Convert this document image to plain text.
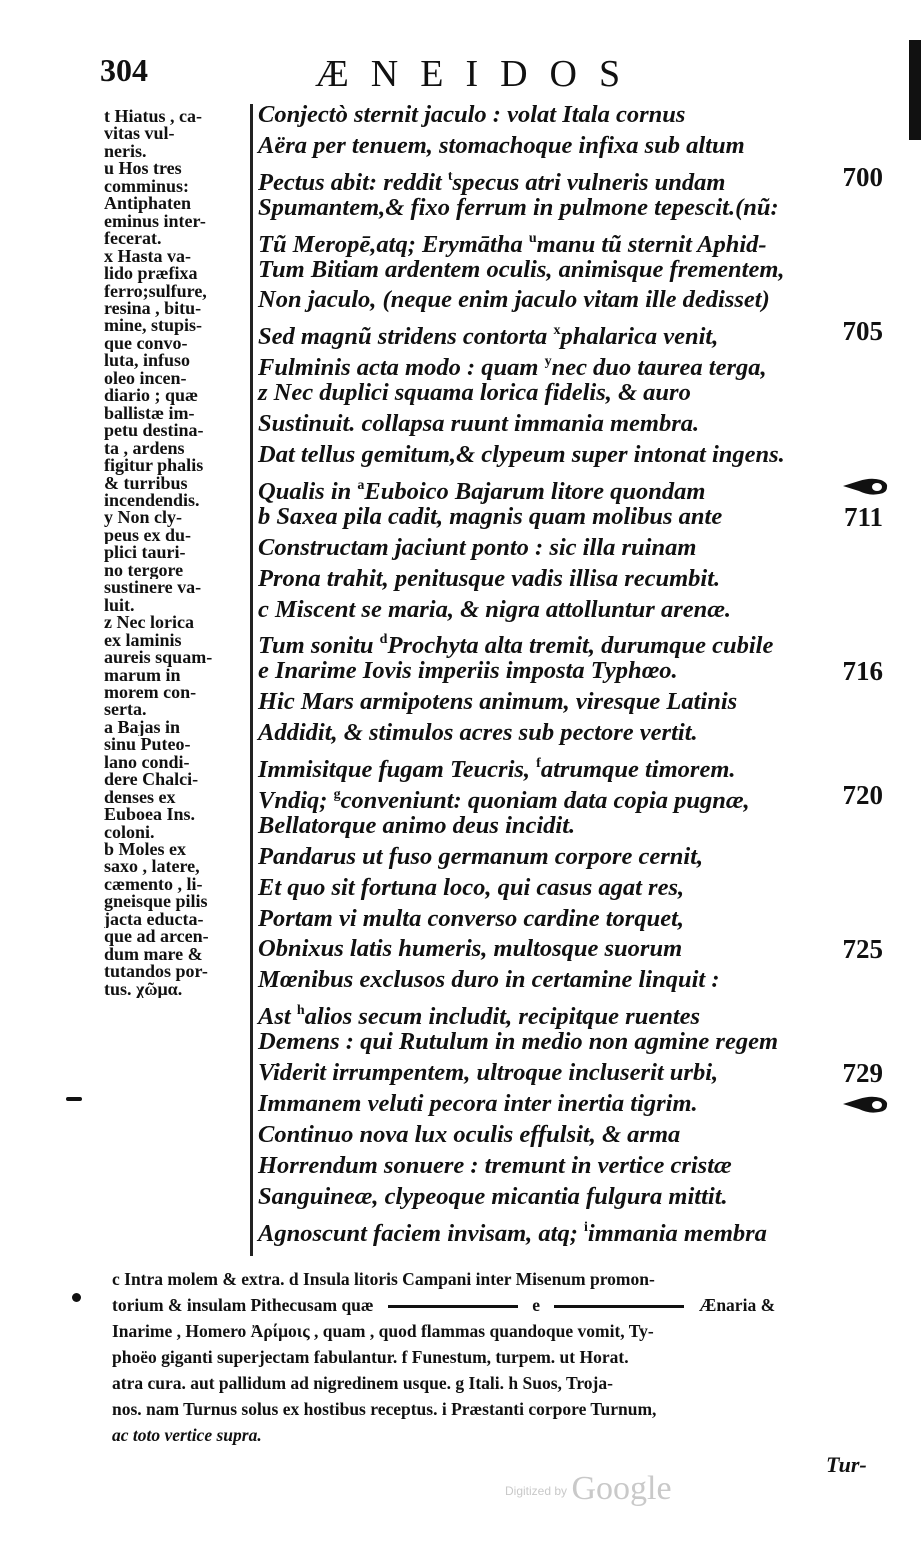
304	ÆNEIDOS
t Hiatus , ca-
vitas vul-
neris.
u Hos tres
comminus:
Antiphaten
eminus inter-
fecerat.
x Hasta va-
lido præfixa
ferro;sulfure,
resina , bitu-
mine, stupis-
que convo-
luta, infuso
oleo incen-
diario ; quæ
ballistæ im-
petu destina-
ta , ardens
figitur phalis
& turribus
incendendis.
y Non cly-
peus ex du-
plici tauri-
no tergore
sustinere va-
luit.
z Nec lorica
ex laminis
aureis squam-
marum in
morem con-
serta.
a Bajas in
sinu Puteo-
lano condi-
dere Chalci-
denses ex
Euboea Ins.
coloni.
b Moles ex
saxo , latere,
cæmento , li-
gneisque pilis
jacta educta-
que ad arcen-
dum mare &
tutandos por-
tus. χῶμα.
Conjectò sternit jaculo : volat Itala cornus
Aëra per tenuem, stomachoque infixa sub altum
Pectus abit: reddit $^t$specus atri vulneris undam	700
Spumantem,& fixo ferrum in pulmone tepescit.(nũ:
Tũ Meropē,atq; Erymātha $^u$manu tũ sternit Aphid-
Tum Bitiam ardentem oculis, animisque frementem,
Non jaculo, (neque enim jaculo vitam ille dedisset)
Sed magnũ stridens contorta $^x$phalarica venit,	705
Fulminis acta modo : quam $^y$nec duo taurea terga,
z Nec duplici squama lorica fidelis, & auro
Sustinuit. collapsa ruunt immania membra.
Dat tellus gemitum,& clypeum super intonat ingens.
Qualis in $^a$Euboico Bajarum litore quondam
b Saxea pila cadit, magnis quam molibus ante	711
Constructam jaciunt ponto : sic illa ruinam
Prona trahit, penitusque vadis illisa recumbit.
c Miscent se maria, & nigra attolluntur arenæ.
Tum sonitu $^d$Prochyta alta tremit, durumque cubile
e Inarime Iovis imperiis imposta Typhœo.	716
Hic Mars armipotens animum, viresque Latinis
Addidit, & stimulos acres sub pectore vertit.
Immisitque fugam Teucris, $^f$atrumque timorem.
Vndiq; $^g$conveniunt: quoniam data copia pugnæ,	720
Bellatorque animo deus incidit.
Pandarus ut fuso germanum corpore cernit,
Et quo sit fortuna loco, qui casus agat res,
Portam vi multa converso cardine torquet,
Obnixus latis humeris, multosque suorum	725
Mœnibus exclusos duro in certamine linquit :
Ast $^h$alios secum includit, recipitque ruentes
Demens : qui Rutulum in medio non agmine regem
Viderit irrumpentem, ultroque incluserit urbi,	729
Immanem veluti pecora inter inertia tigrim.
Continuo nova lux oculis effulsit, & arma
Horrendum sonuere : tremunt in vertice cristæ
Sanguineæ, clypeoque micantia fulgura mittit.
Agnoscunt faciem invisam, atq; $^i$immania membra
c Intra molem & extra. d Insula litoris Campani inter Misenum promon-
torium & insulam Pithecusam quæ	e	Ænaria &
Inarime , Homero Ἀρίμοις , quam , quod flammas quandoque vomit, Ty-
phoëo giganti superjectam fabulantur. f Funestum, turpem. ut Horat.
atra cura. aut pallidum ad nigredinem usque. g Itali. h Suos, Troja-
nos. nam Turnus solus ex hostibus receptus. i Præstanti corpore Turnum,
ac toto vertice supra.
Tur-
$^{Digitized by}$ Google
